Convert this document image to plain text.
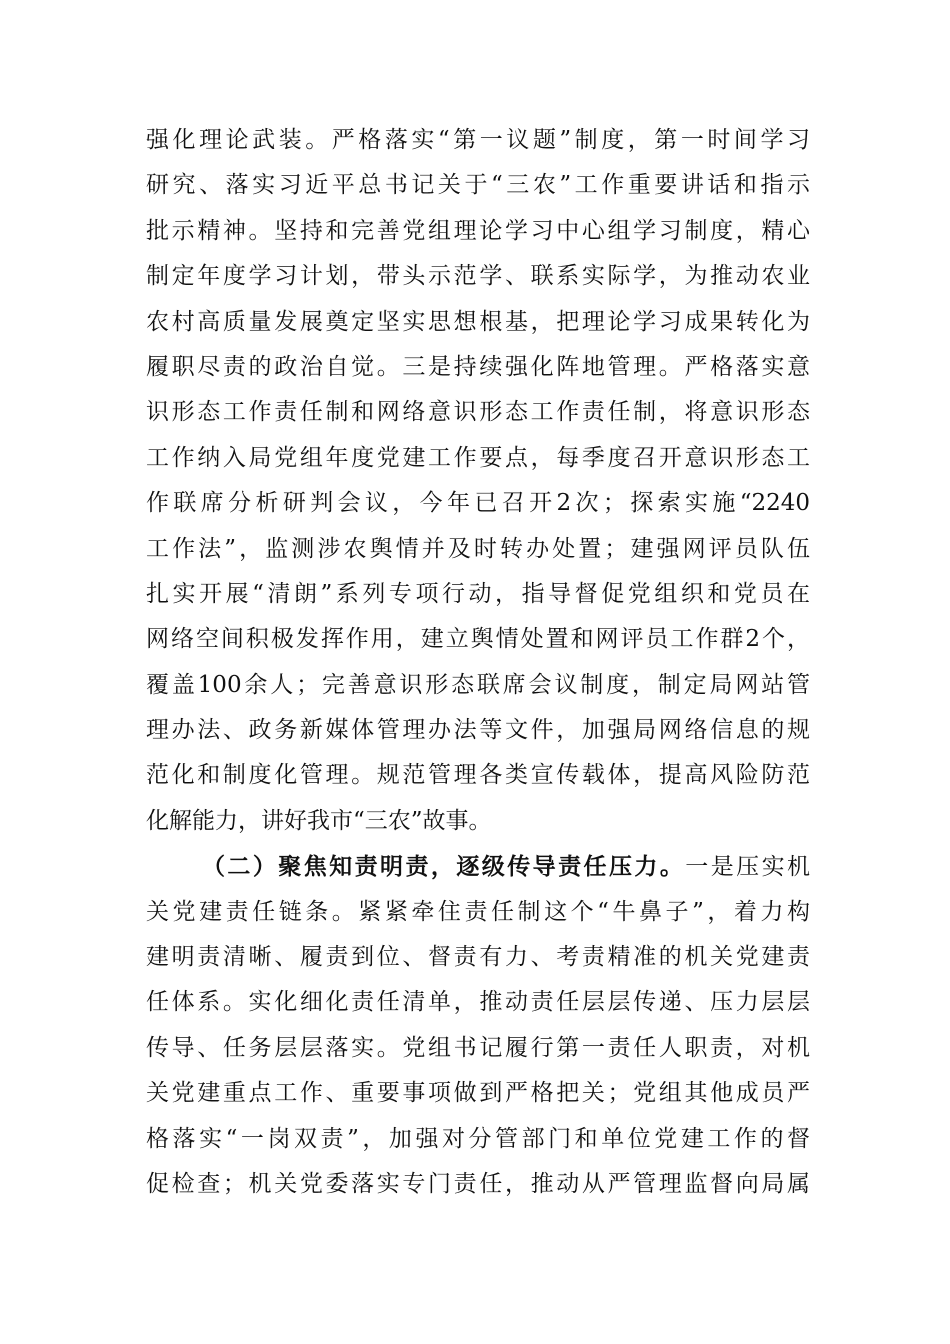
强化理论武装。严格落实“第一议题”制度，第一时间学习
研究、落实习近平总书记关于“三农”工作重要讲话和指示
批示精神。坚持和完善党组理论学习中心组学习制度，精心
制定年度学习计划，带头示范学、联系实际学，为推动农业
农村高质量发展奠定坚实思想根基，把理论学习成果转化为
履职尽责的政治自觉。三是持续强化阵地管理。严格落实意
识形态工作责任制和网络意识形态工作责任制，将意识形态
工作纳入局党组年度党建工作要点，每季度召开意识形态工
作联席分析研判会议，今年已召开2次；探索实施“2240
工作法”，监测涉农舆情并及时转办处置；建强网评员队伍
扎实开展“清朗”系列专项行动，指导督促党组织和党员在
网络空间积极发挥作用，建立舆情处置和网评员工作群2个，
覆盖100余人；完善意识形态联席会议制度，制定局网站管
理办法、政务新媒体管理办法等文件，加强局网络信息的规
范化和制度化管理。规范管理各类宣传载体，提高风险防范
化解能力，讲好我市“三农”故事。
（二）聚焦知责明责，逐级传导责任压力。一是压实机
关党建责任链条。紧紧牵住责任制这个“牛鼻子”，着力构
建明责清晰、履责到位、督责有力、考责精准的机关党建责
任体系。实化细化责任清单，推动责任层层传递、压力层层
传导、任务层层落实。党组书记履行第一责任人职责，对机
关党建重点工作、重要事项做到严格把关；党组其他成员严
格落实“一岗双责”，加强对分管部门和单位党建工作的督
促检查；机关党委落实专门责任，推动从严管理监督向局属
